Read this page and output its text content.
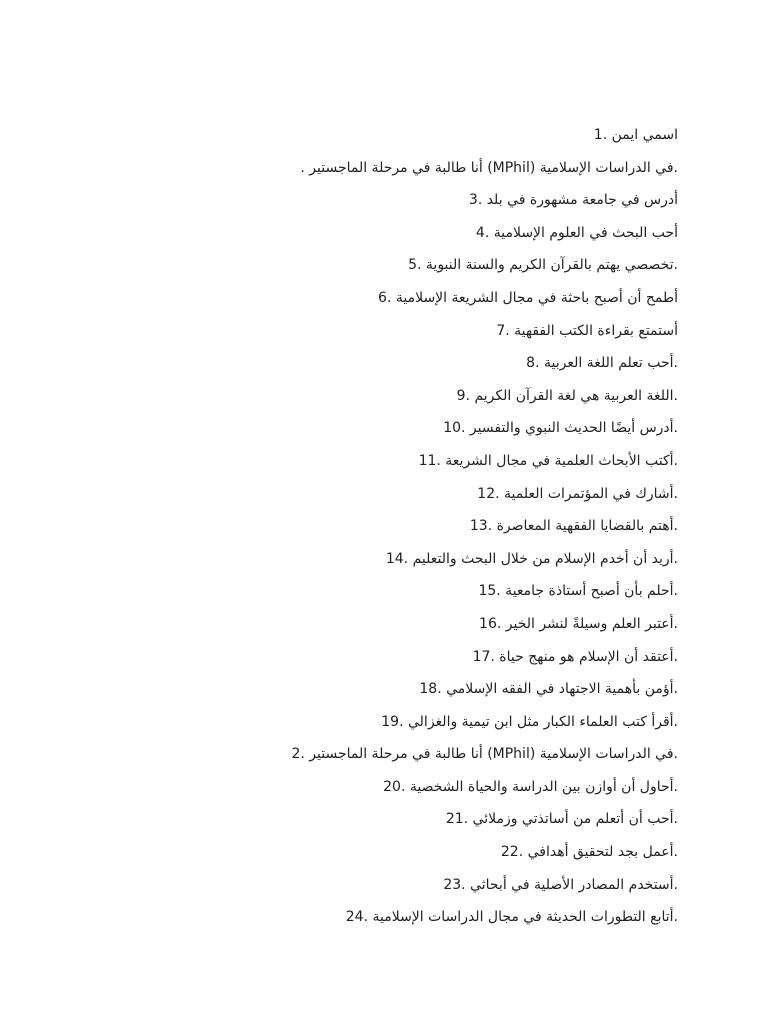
اسمي ايمن .1
.في الدراسات الإسلامية (MPhil) أنا طالبة في مرحلة الماجستير .
أدرس في جامعة مشهورة في بلد .3
أحب البحث في العلوم الإسلامية .4
.تخصصي يهتم بالقرآن الكريم والسنة النبوية .5
أطمح أن أصبح باحثة في مجال الشريعة الإسلامية .6
أستمتع بقراءة الكتب الفقهية .7
.أحب تعلم اللغة العربية .8
.اللغة العربية هي لغة القرآن الكريم .9
.أدرس أيضًا الحديث النبوي والتفسير .10
.أكتب الأبحاث العلمية في مجال الشريعة .11
.أشارك في المؤتمرات العلمية .12
.أهتم بالقضايا الفقهية المعاصرة .13
.أريد أن أخدم الإسلام من خلال البحث والتعليم .14
.أحلم بأن أصبح أستاذة جامعية .15
.أعتبر العلم وسيلةً لنشر الخير .16
.أعتقد أن الإسلام هو منهج حياة .17
.أؤمن بأهمية الاجتهاد في الفقه الإسلامي .18
.أقرأ كتب العلماء الكبار مثل ابن تيمية والغزالي .19
.في الدراسات الإسلامية (MPhil) أنا طالبة في مرحلة الماجستير .2
.أحاول أن أوازن بين الدراسة والحياة الشخصية .20
.أحب أن أتعلم من أساتذتي وزملائي .21
.أعمل بجد لتحقيق أهدافي .22
.أستخدم المصادر الأصلية في أبحاثي .23
.أتابع التطورات الحديثة في مجال الدراسات الإسلامية .24
